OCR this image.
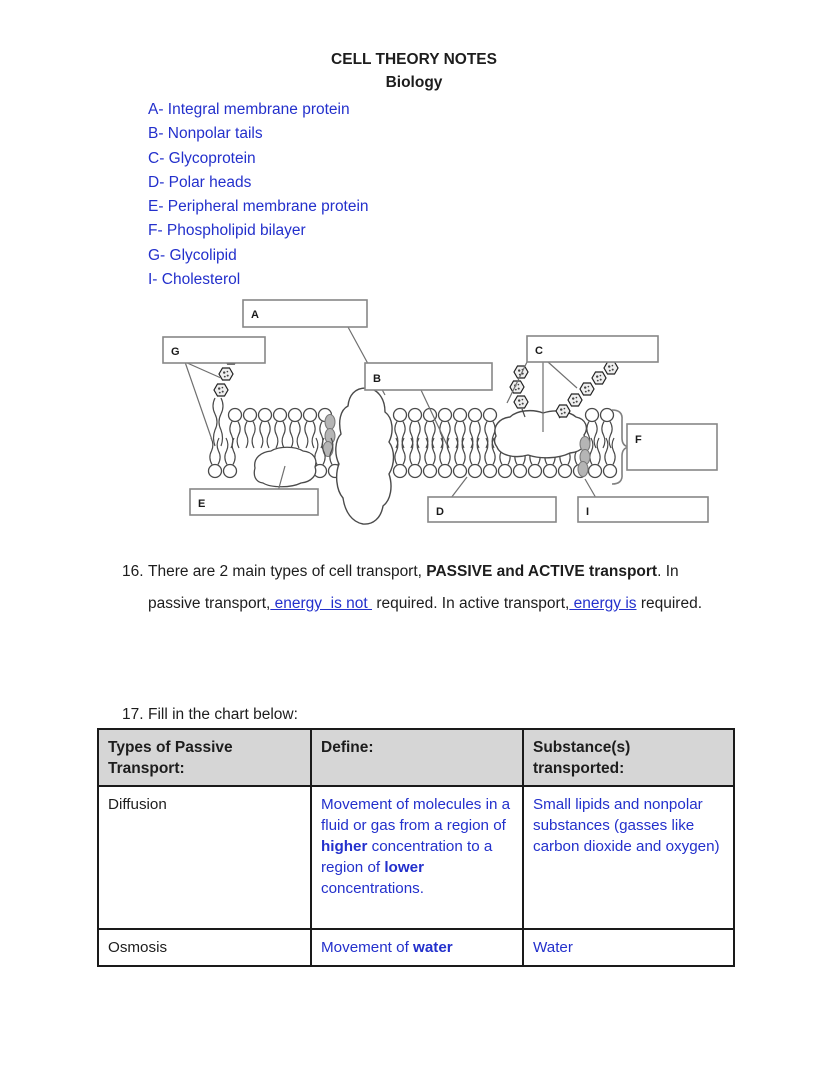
CELL THEORY NOTES
Biology
A- Integral membrane protein
B- Nonpolar tails
C- Glycoprotein
D- Polar heads
E- Peripheral membrane protein
F- Phospholipid bilayer
G- Glycolipid
I- Cholesterol
A
G	C
B
F
E
D	I
16. There are 2 main types of cell transport, PASSIVE and ACTIVE transport. In passive transport, energy  is not  required. In active transport, energy is required.
17. Fill in the chart below:
Types of Passive Transport:	Define:	Substance(s) transported:
Diffusion	Movement of molecules in a fluid or gas from a region of higher concentration to a region of lower concentrations.	Small lipids and nonpolar substances (gasses like carbon dioxide and oxygen)
Osmosis	Movement of water	Water
